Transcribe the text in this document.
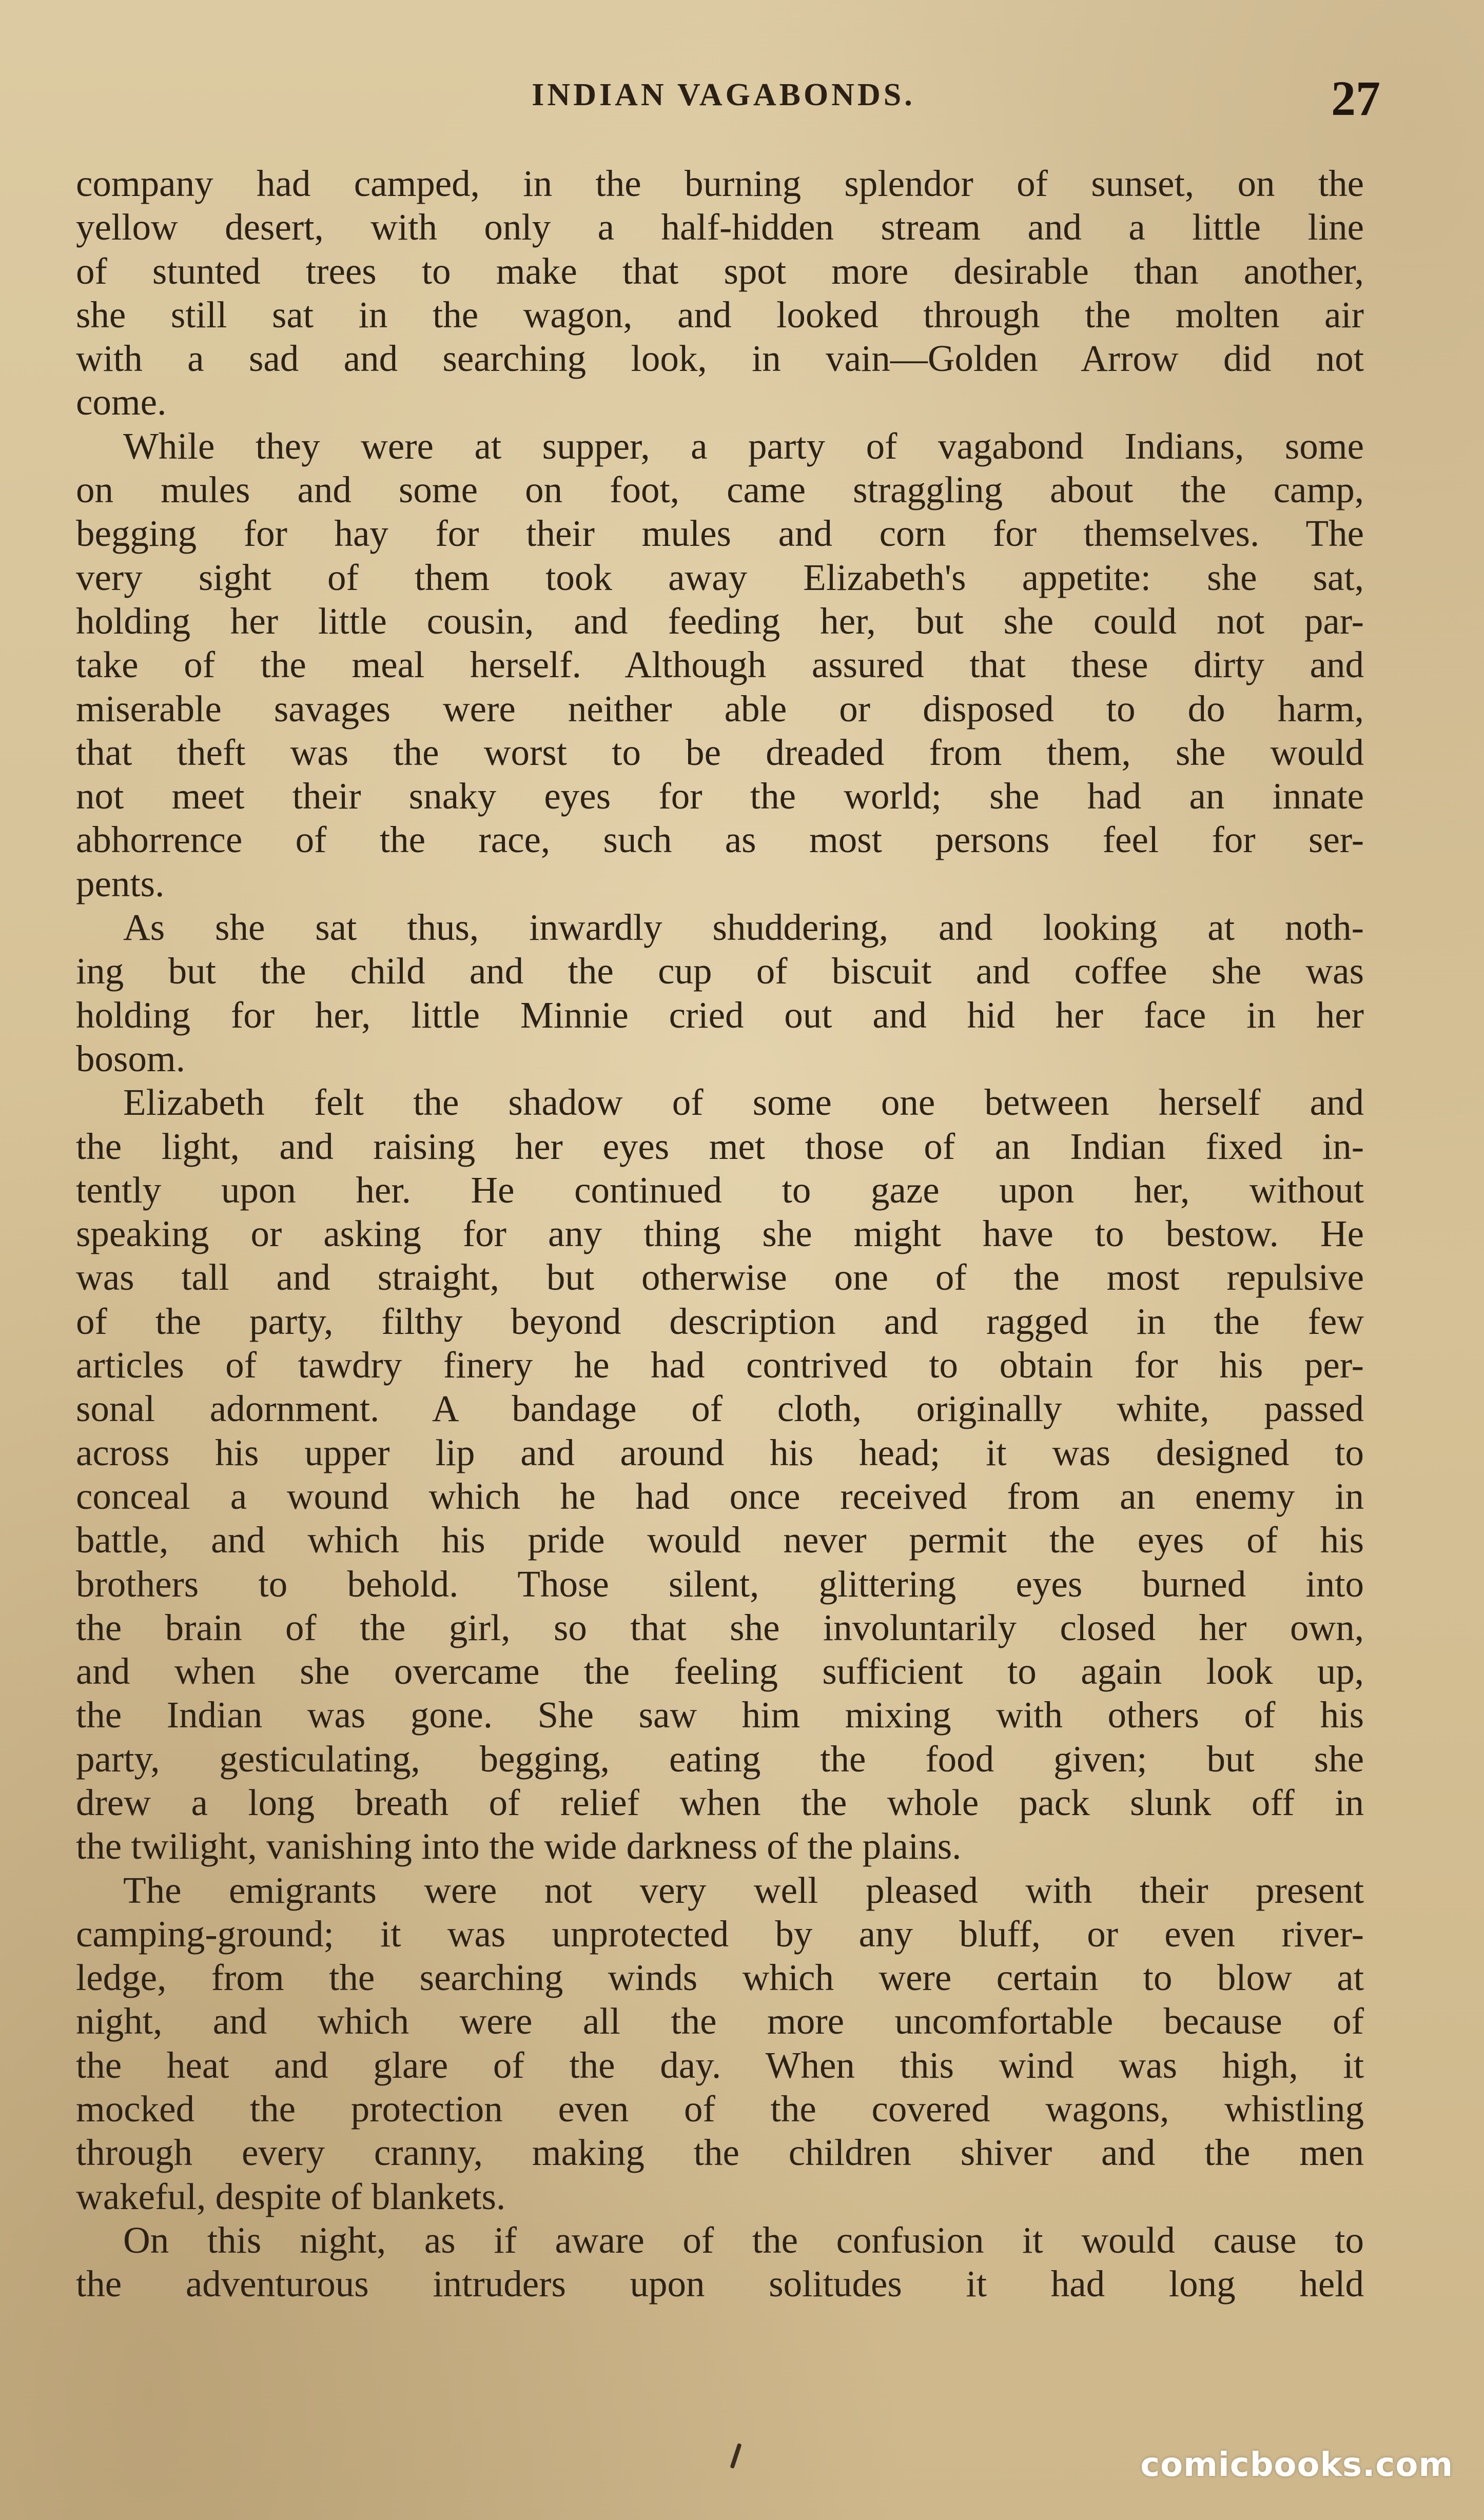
INDIAN VAGABONDS.	27
company had camped, in the burning splendor of sunset, on the
yellow desert, with only a half-hidden stream and a little line
of stunted trees to make that spot more desirable than another,
she still sat in the wagon, and looked through the molten air
with a sad and searching look, in vain—Golden Arrow did not
come.
While they were at supper, a party of vagabond Indians, some
on mules and some on foot, came straggling about the camp,
begging for hay for their mules and corn for themselves. The
very sight of them took away Elizabeth's appetite: she sat,
holding her little cousin, and feeding her, but she could not par-
take of the meal herself. Although assured that these dirty and
miserable savages were neither able or disposed to do harm,
that theft was the worst to be dreaded from them, she would
not meet their snaky eyes for the world; she had an innate
abhorrence of the race, such as most persons feel for ser-
pents.
As she sat thus, inwardly shuddering, and looking at noth-
ing but the child and the cup of biscuit and coffee she was
holding for her, little Minnie cried out and hid her face in her
bosom.
Elizabeth felt the shadow of some one between herself and
the light, and raising her eyes met those of an Indian fixed in-
tently upon her. He continued to gaze upon her, without
speaking or asking for any thing she might have to bestow. He
was tall and straight, but otherwise one of the most repulsive
of the party, filthy beyond description and ragged in the few
articles of tawdry finery he had contrived to obtain for his per-
sonal adornment. A bandage of cloth, originally white, passed
across his upper lip and around his head; it was designed to
conceal a wound which he had once received from an enemy in
battle, and which his pride would never permit the eyes of his
brothers to behold. Those silent, glittering eyes burned into
the brain of the girl, so that she involuntarily closed her own,
and when she overcame the feeling sufficient to again look up,
the Indian was gone. She saw him mixing with others of his
party, gesticulating, begging, eating the food given; but she
drew a long breath of relief when the whole pack slunk off in
the twilight, vanishing into the wide darkness of the plains.
The emigrants were not very well pleased with their present
camping-ground; it was unprotected by any bluff, or even river-
ledge, from the searching winds which were certain to blow at
night, and which were all the more uncomfortable because of
the heat and glare of the day. When this wind was high, it
mocked the protection even of the covered wagons, whistling
through every cranny, making the children shiver and the men
wakeful, despite of blankets.
On this night, as if aware of the confusion it would cause to
the adventurous intruders upon solitudes it had long held
comicbooks.com
